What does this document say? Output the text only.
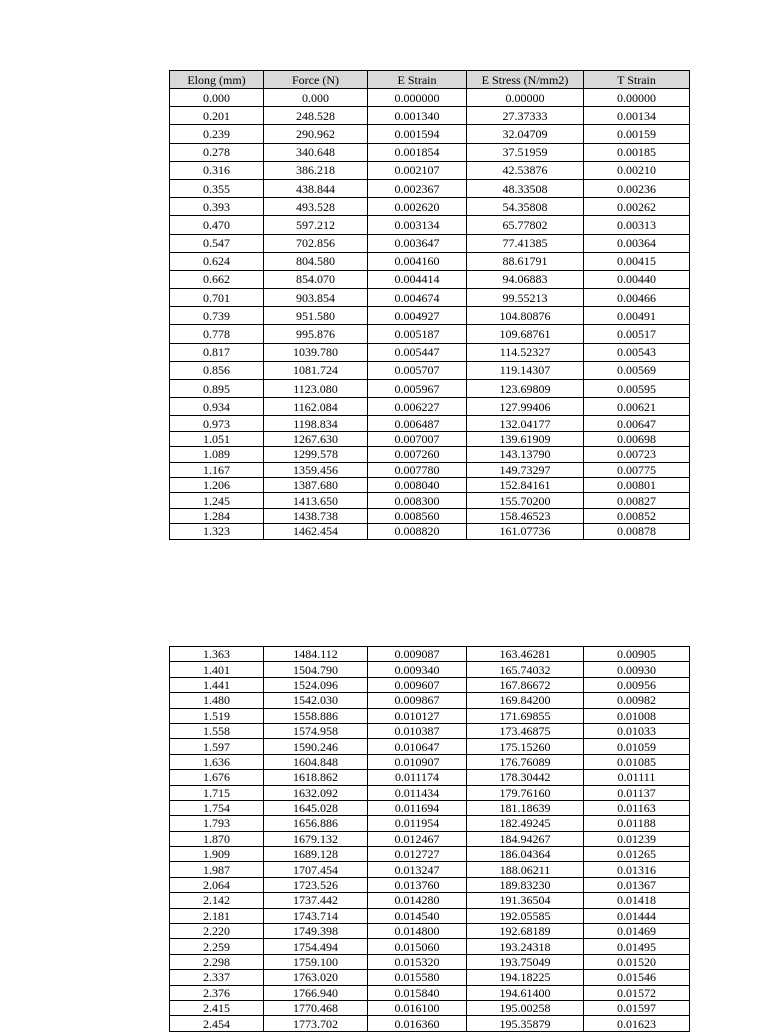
Elong (mm)	Force (N)	E Strain	E Stress (N/mm2)	T Strain
0.000	0.000	0.000000	0.00000	0.00000
0.201	248.528	0.001340	27.37333	0.00134
0.239	290.962	0.001594	32.04709	0.00159
0.278	340.648	0.001854	37.51959	0.00185
0.316	386.218	0.002107	42.53876	0.00210
0.355	438.844	0.002367	48.33508	0.00236
0.393	493.528	0.002620	54.35808	0.00262
0.470	597.212	0.003134	65.77802	0.00313
0.547	702.856	0.003647	77.41385	0.00364
0.624	804.580	0.004160	88.61791	0.00415
0.662	854.070	0.004414	94.06883	0.00440
0.701	903.854	0.004674	99.55213	0.00466
0.739	951.580	0.004927	104.80876	0.00491
0.778	995.876	0.005187	109.68761	0.00517
0.817	1039.780	0.005447	114.52327	0.00543
0.856	1081.724	0.005707	119.14307	0.00569
0.895	1123.080	0.005967	123.69809	0.00595
0.934	1162.084	0.006227	127.99406	0.00621
0.973	1198.834	0.006487	132.04177	0.00647
1.051	1267.630	0.007007	139.61909	0.00698
1.089	1299.578	0.007260	143.13790	0.00723
1.167	1359.456	0.007780	149.73297	0.00775
1.206	1387.680	0.008040	152.84161	0.00801
1.245	1413.650	0.008300	155.70200	0.00827
1.284	1438.738	0.008560	158.46523	0.00852
1.323	1462.454	0.008820	161.07736	0.00878
1.363	1484.112	0.009087	163.46281	0.00905
1.401	1504.790	0.009340	165.74032	0.00930
1.441	1524.096	0.009607	167.86672	0.00956
1.480	1542.030	0.009867	169.84200	0.00982
1.519	1558.886	0.010127	171.69855	0.01008
1.558	1574.958	0.010387	173.46875	0.01033
1.597	1590.246	0.010647	175.15260	0.01059
1.636	1604.848	0.010907	176.76089	0.01085
1.676	1618.862	0.011174	178.30442	0.01111
1.715	1632.092	0.011434	179.76160	0.01137
1.754	1645.028	0.011694	181.18639	0.01163
1.793	1656.886	0.011954	182.49245	0.01188
1.870	1679.132	0.012467	184.94267	0.01239
1.909	1689.128	0.012727	186.04364	0.01265
1.987	1707.454	0.013247	188.06211	0.01316
2.064	1723.526	0.013760	189.83230	0.01367
2.142	1737.442	0.014280	191.36504	0.01418
2.181	1743.714	0.014540	192.05585	0.01444
2.220	1749.398	0.014800	192.68189	0.01469
2.259	1754.494	0.015060	193.24318	0.01495
2.298	1759.100	0.015320	193.75049	0.01520
2.337	1763.020	0.015580	194.18225	0.01546
2.376	1766.940	0.015840	194.61400	0.01572
2.415	1770.468	0.016100	195.00258	0.01597
2.454	1773.702	0.016360	195.35879	0.01623
